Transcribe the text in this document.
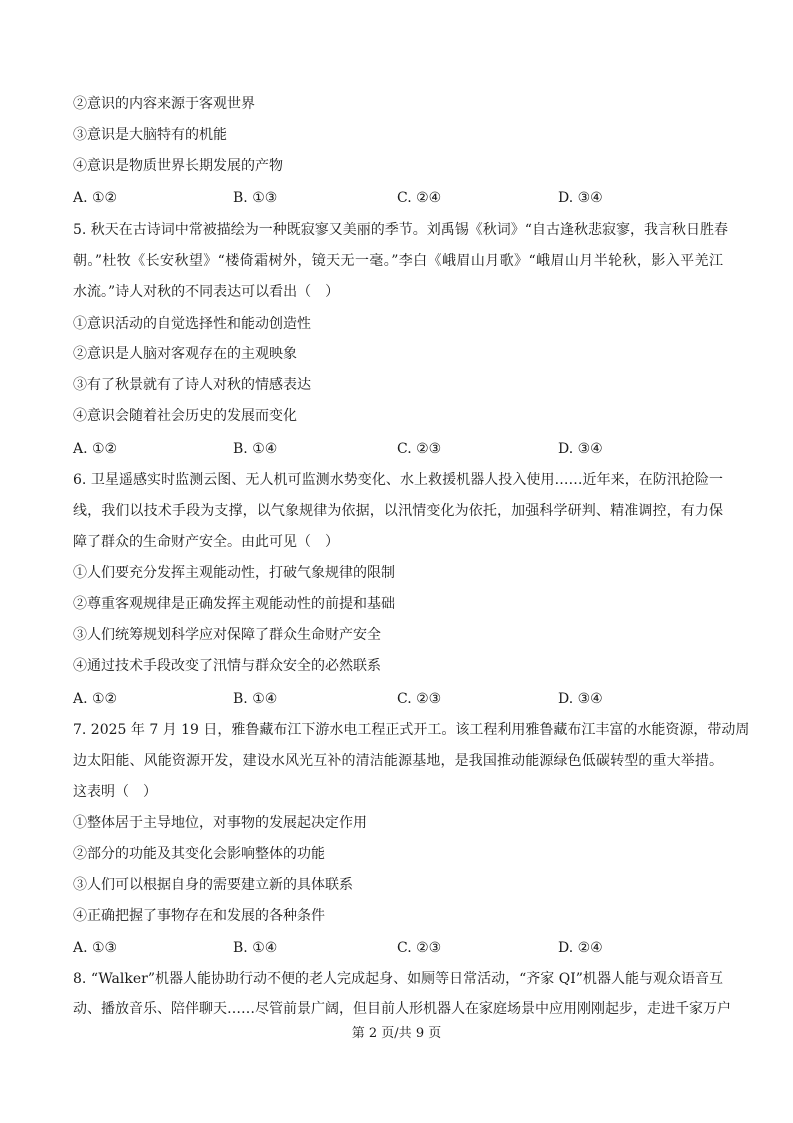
②意识的内容来源于客观世界
③意识是大脑特有的机能
④意识是物质世界长期发展的产物
A. ①②	B. ①③	C. ②④	D. ③④
5. 秋天在古诗词中常被描绘为一种既寂寥又美丽的季节。刘禹锡《秋词》“自古逢秋悲寂寥，我言秋日胜春
朝。”杜牧《长安秋望》“楼倚霜树外，镜天无一毫。”李白《峨眉山月歌》“峨眉山月半轮秋，影入平羌江
水流。”诗人对秋的不同表达可以看出（　）
①意识活动的自觉选择性和能动创造性
②意识是人脑对客观存在的主观映象
③有了秋景就有了诗人对秋的情感表达
④意识会随着社会历史的发展而变化
A. ①②	B. ①④	C. ②③	D. ③④
6. 卫星遥感实时监测云图、无人机可监测水势变化、水上救援机器人投入使用……近年来，在防汛抢险一
线，我们以技术手段为支撑，以气象规律为依据，以汛情变化为依托，加强科学研判、精准调控，有力保
障了群众的生命财产安全。由此可见（　）
①人们要充分发挥主观能动性，打破气象规律的限制
②尊重客观规律是正确发挥主观能动性的前提和基础
③人们统筹规划科学应对保障了群众生命财产安全
④通过技术手段改变了汛情与群众安全的必然联系
A. ①②	B. ①④	C. ②③	D. ③④
7. 2025 年 7 月 19 日，雅鲁藏布江下游水电工程正式开工。该工程利用雅鲁藏布江丰富的水能资源，带动周
边太阳能、风能资源开发，建设水风光互补的清洁能源基地，是我国推动能源绿色低碳转型的重大举措。
这表明（　）
①整体居于主导地位，对事物的发展起决定作用
②部分的功能及其变化会影响整体的功能
③人们可以根据自身的需要建立新的具体联系
④正确把握了事物存在和发展的各种条件
A. ①③	B. ①④	C. ②③	D. ②④
8. “Walker”机器人能协助行动不便的老人完成起身、如厕等日常活动，“齐家 QI”机器人能与观众语音互
动、播放音乐、陪伴聊天……尽管前景广阔，但目前人形机器人在家庭场景中应用刚刚起步，走进千家万户
第 2 页/共 9 页
